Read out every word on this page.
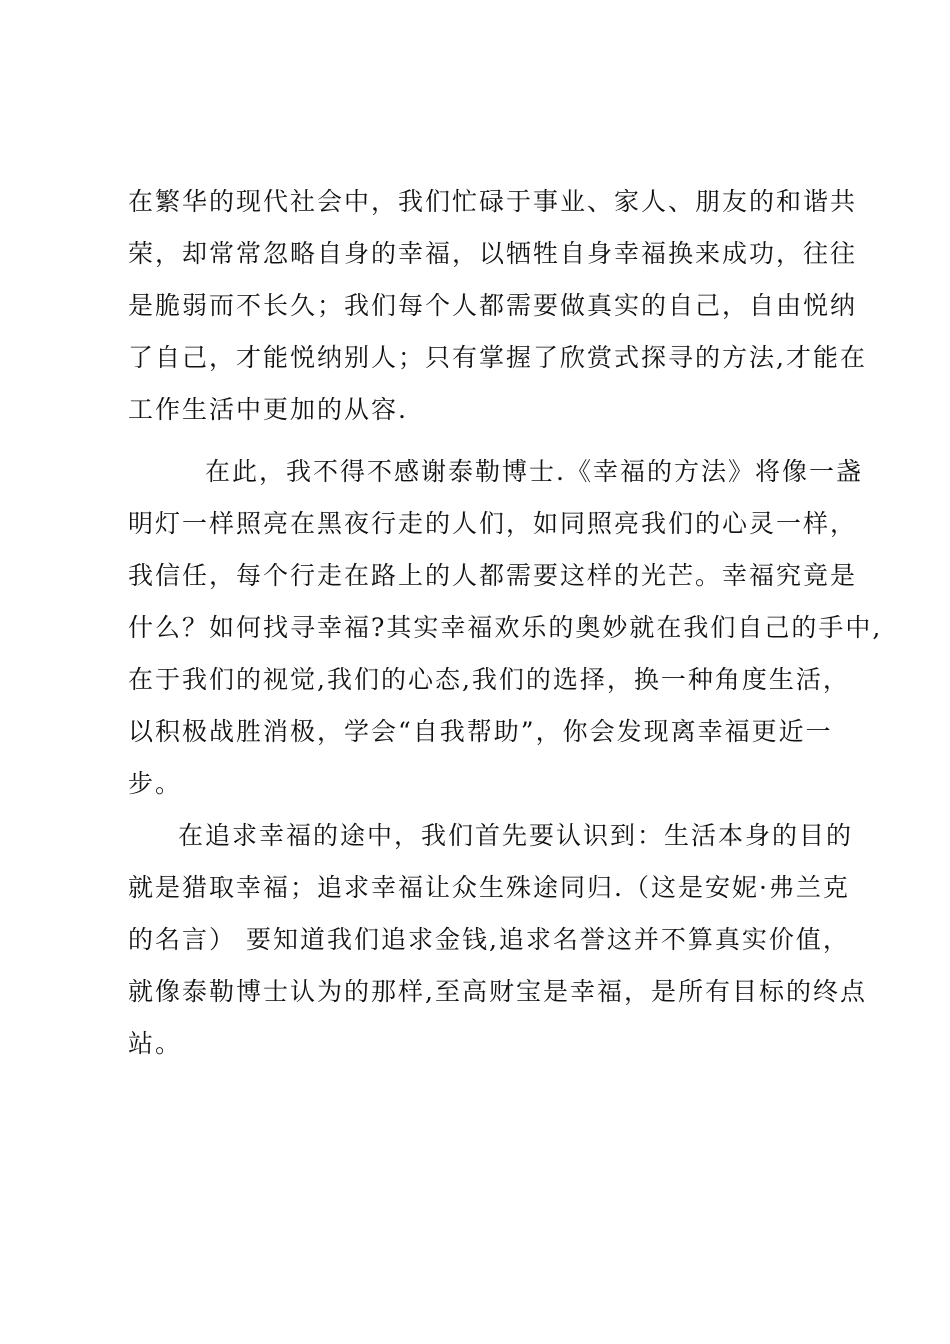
在繁华的现代社会中，我们忙碌于事业、家人、朋友的和谐共
荣，却常常忽略自身的幸福，以牺牲自身幸福换来成功，往往
是脆弱而不长久；我们每个人都需要做真实的自己，自由悦纳
了自己，才能悦纳别人；只有掌握了欣赏式探寻的方法,才能在
工作生活中更加的从容.
　在此，我不得不感谢泰勒博士.《幸福的方法》将像一盏
明灯一样照亮在黑夜行走的人们，如同照亮我们的心灵一样，
我信任，每个行走在路上的人都需要这样的光芒。幸福究竟是
什么？如何找寻幸福?其实幸福欢乐的奥妙就在我们自己的手中,
在于我们的视觉,我们的心态,我们的选择，换一种角度生活，
以积极战胜消极，学会“自我帮助”，你会发现离幸福更近一
步。
在追求幸福的途中，我们首先要认识到：生活本身的目的
就是猎取幸福；追求幸福让众生殊途同归.（这是安妮·弗兰克
的名言） 要知道我们追求金钱,追求名誉这并不算真实价值，
就像泰勒博士认为的那样,至高财宝是幸福，是所有目标的终点
站。
